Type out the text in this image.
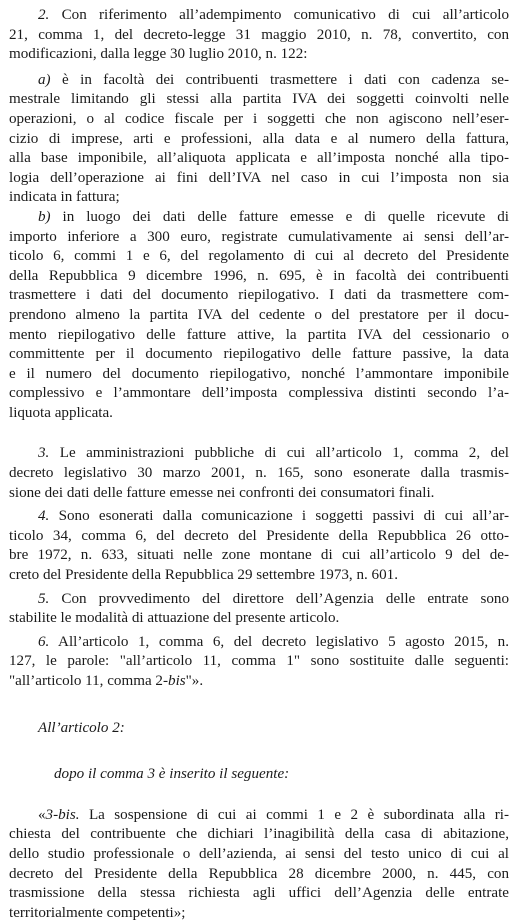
2. Con riferimento all’adempimento comunicativo di cui all’articolo
21, comma 1, del decreto-legge 31 maggio 2010, n. 78, convertito, con
modificazioni, dalla legge 30 luglio 2010, n. 122:
a) è in facoltà dei contribuenti trasmettere i dati con cadenza se-
mestrale limitando gli stessi alla partita IVA dei soggetti coinvolti nelle
operazioni, o al codice fiscale per i soggetti che non agiscono nell’eser-
cizio di imprese, arti e professioni, alla data e al numero della fattura,
alla base imponibile, all’aliquota applicata e all’imposta nonché alla tipo-
logia dell’operazione ai fini dell’IVA nel caso in cui l’imposta non sia
indicata in fattura;
b) in luogo dei dati delle fatture emesse e di quelle ricevute di
importo inferiore a 300 euro, registrate cumulativamente ai sensi dell’ar-
ticolo 6, commi 1 e 6, del regolamento di cui al decreto del Presidente
della Repubblica 9 dicembre 1996, n. 695, è in facoltà dei contribuenti
trasmettere i dati del documento riepilogativo. I dati da trasmettere com-
prendono almeno la partita IVA del cedente o del prestatore per il docu-
mento riepilogativo delle fatture attive, la partita IVA del cessionario o
committente per il documento riepilogativo delle fatture passive, la data
e il numero del documento riepilogativo, nonché l’ammontare imponibile
complessivo e l’ammontare dell’imposta complessiva distinti secondo l’a-
liquota applicata.
3. Le amministrazioni pubbliche di cui all’articolo 1, comma 2, del
decreto legislativo 30 marzo 2001, n. 165, sono esonerate dalla trasmis-
sione dei dati delle fatture emesse nei confronti dei consumatori finali.
4. Sono esonerati dalla comunicazione i soggetti passivi di cui all’ar-
ticolo 34, comma 6, del decreto del Presidente della Repubblica 26 otto-
bre 1972, n. 633, situati nelle zone montane di cui all’articolo 9 del de-
creto del Presidente della Repubblica 29 settembre 1973, n. 601.
5. Con provvedimento del direttore dell’Agenzia delle entrate sono
stabilite le modalità di attuazione del presente articolo.
6. All’articolo 1, comma 6, del decreto legislativo 5 agosto 2015, n.
127, le parole: "all’articolo 11, comma 1" sono sostituite dalle seguenti:
"all’articolo 11, comma 2-bis"».
All’articolo 2:
dopo il comma 3 è inserito il seguente:
«3-bis. La sospensione di cui ai commi 1 e 2 è subordinata alla ri-
chiesta del contribuente che dichiari l’inagibilità della casa di abitazione,
dello studio professionale o dell’azienda, ai sensi del testo unico di cui al
decreto del Presidente della Repubblica 28 dicembre 2000, n. 445, con
trasmissione della stessa richiesta agli uffici dell’Agenzia delle entrate
territorialmente competenti»;
